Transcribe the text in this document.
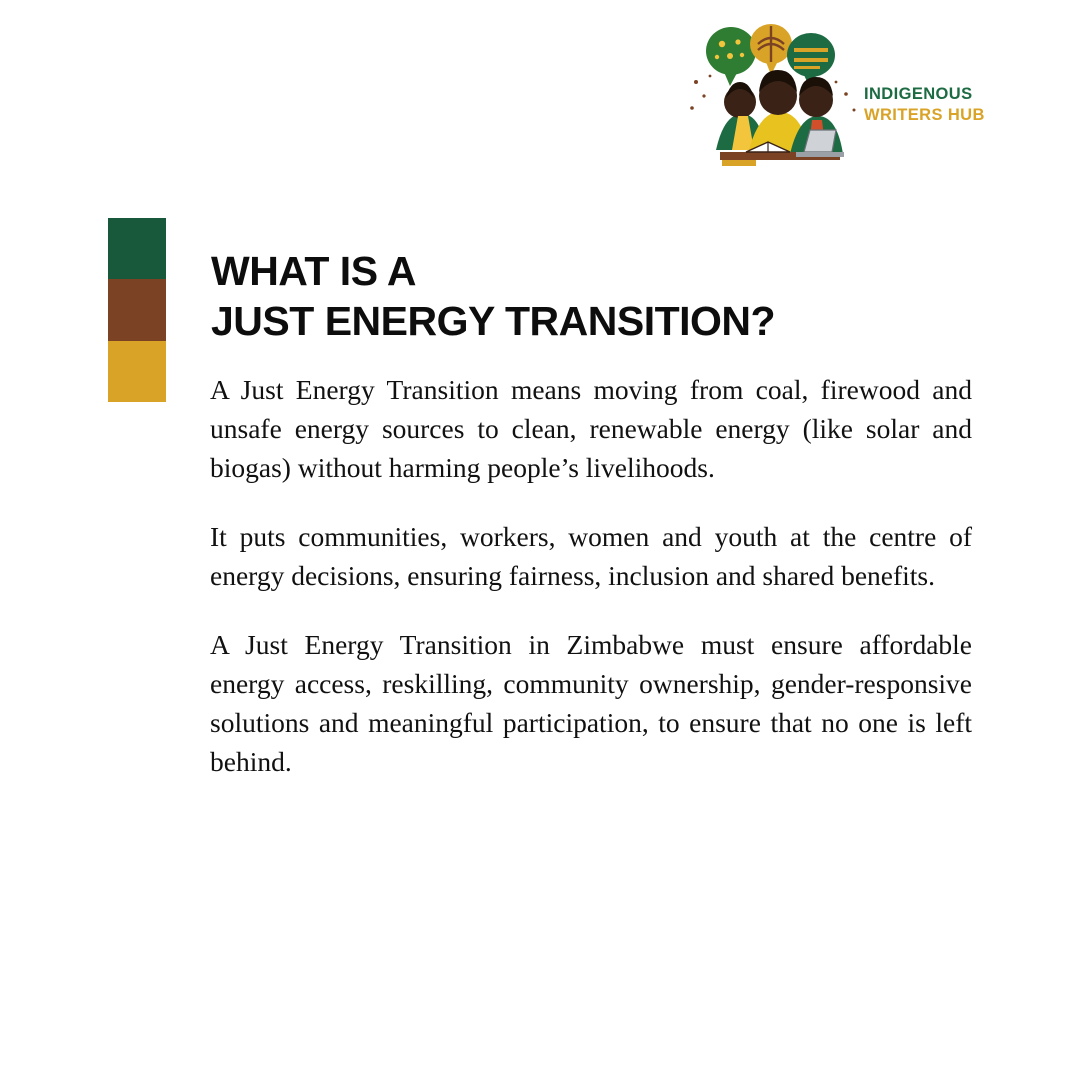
INDIGENOUS
WRITERS HUB
WHAT IS A
JUST ENERGY TRANSITION?

A Just Energy Transition means moving from coal, firewood and unsafe energy sources to clean, renewable energy (like solar and biogas) without harming people’s livelihoods.

It puts communities, workers, women and youth at the centre of energy decisions, ensuring fairness, inclusion and shared benefits.

A Just Energy Transition in Zimbabwe must ensure affordable energy access, reskilling, community ownership, gender-responsive solutions and meaningful participation, to ensure that no one is left behind.
